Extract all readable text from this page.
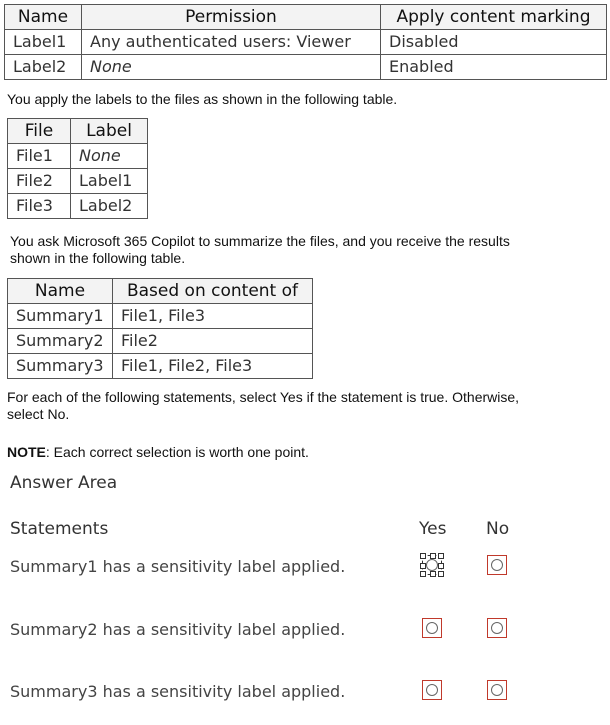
Name	Permission	Apply content marking
Label1	Any authenticated users: Viewer	Disabled
Label2	None	Enabled
You apply the labels to the files as shown in the following table.
File	Label
File1	None
File2	Label1
File3	Label2
You ask Microsoft 365 Copilot to summarize the files, and you receive the results
shown in the following table.
Name	Based on content of
Summary1	File1, File3
Summary2	File2
Summary3	File1, File2, File3
For each of the following statements, select Yes if the statement is true. Otherwise,
select No.
NOTE: Each correct selection is worth one point.
Answer Area
Statements	Yes No
Summary1 has a sensitivity label applied.
Summary2 has a sensitivity label applied.
Summary3 has a sensitivity label applied.
